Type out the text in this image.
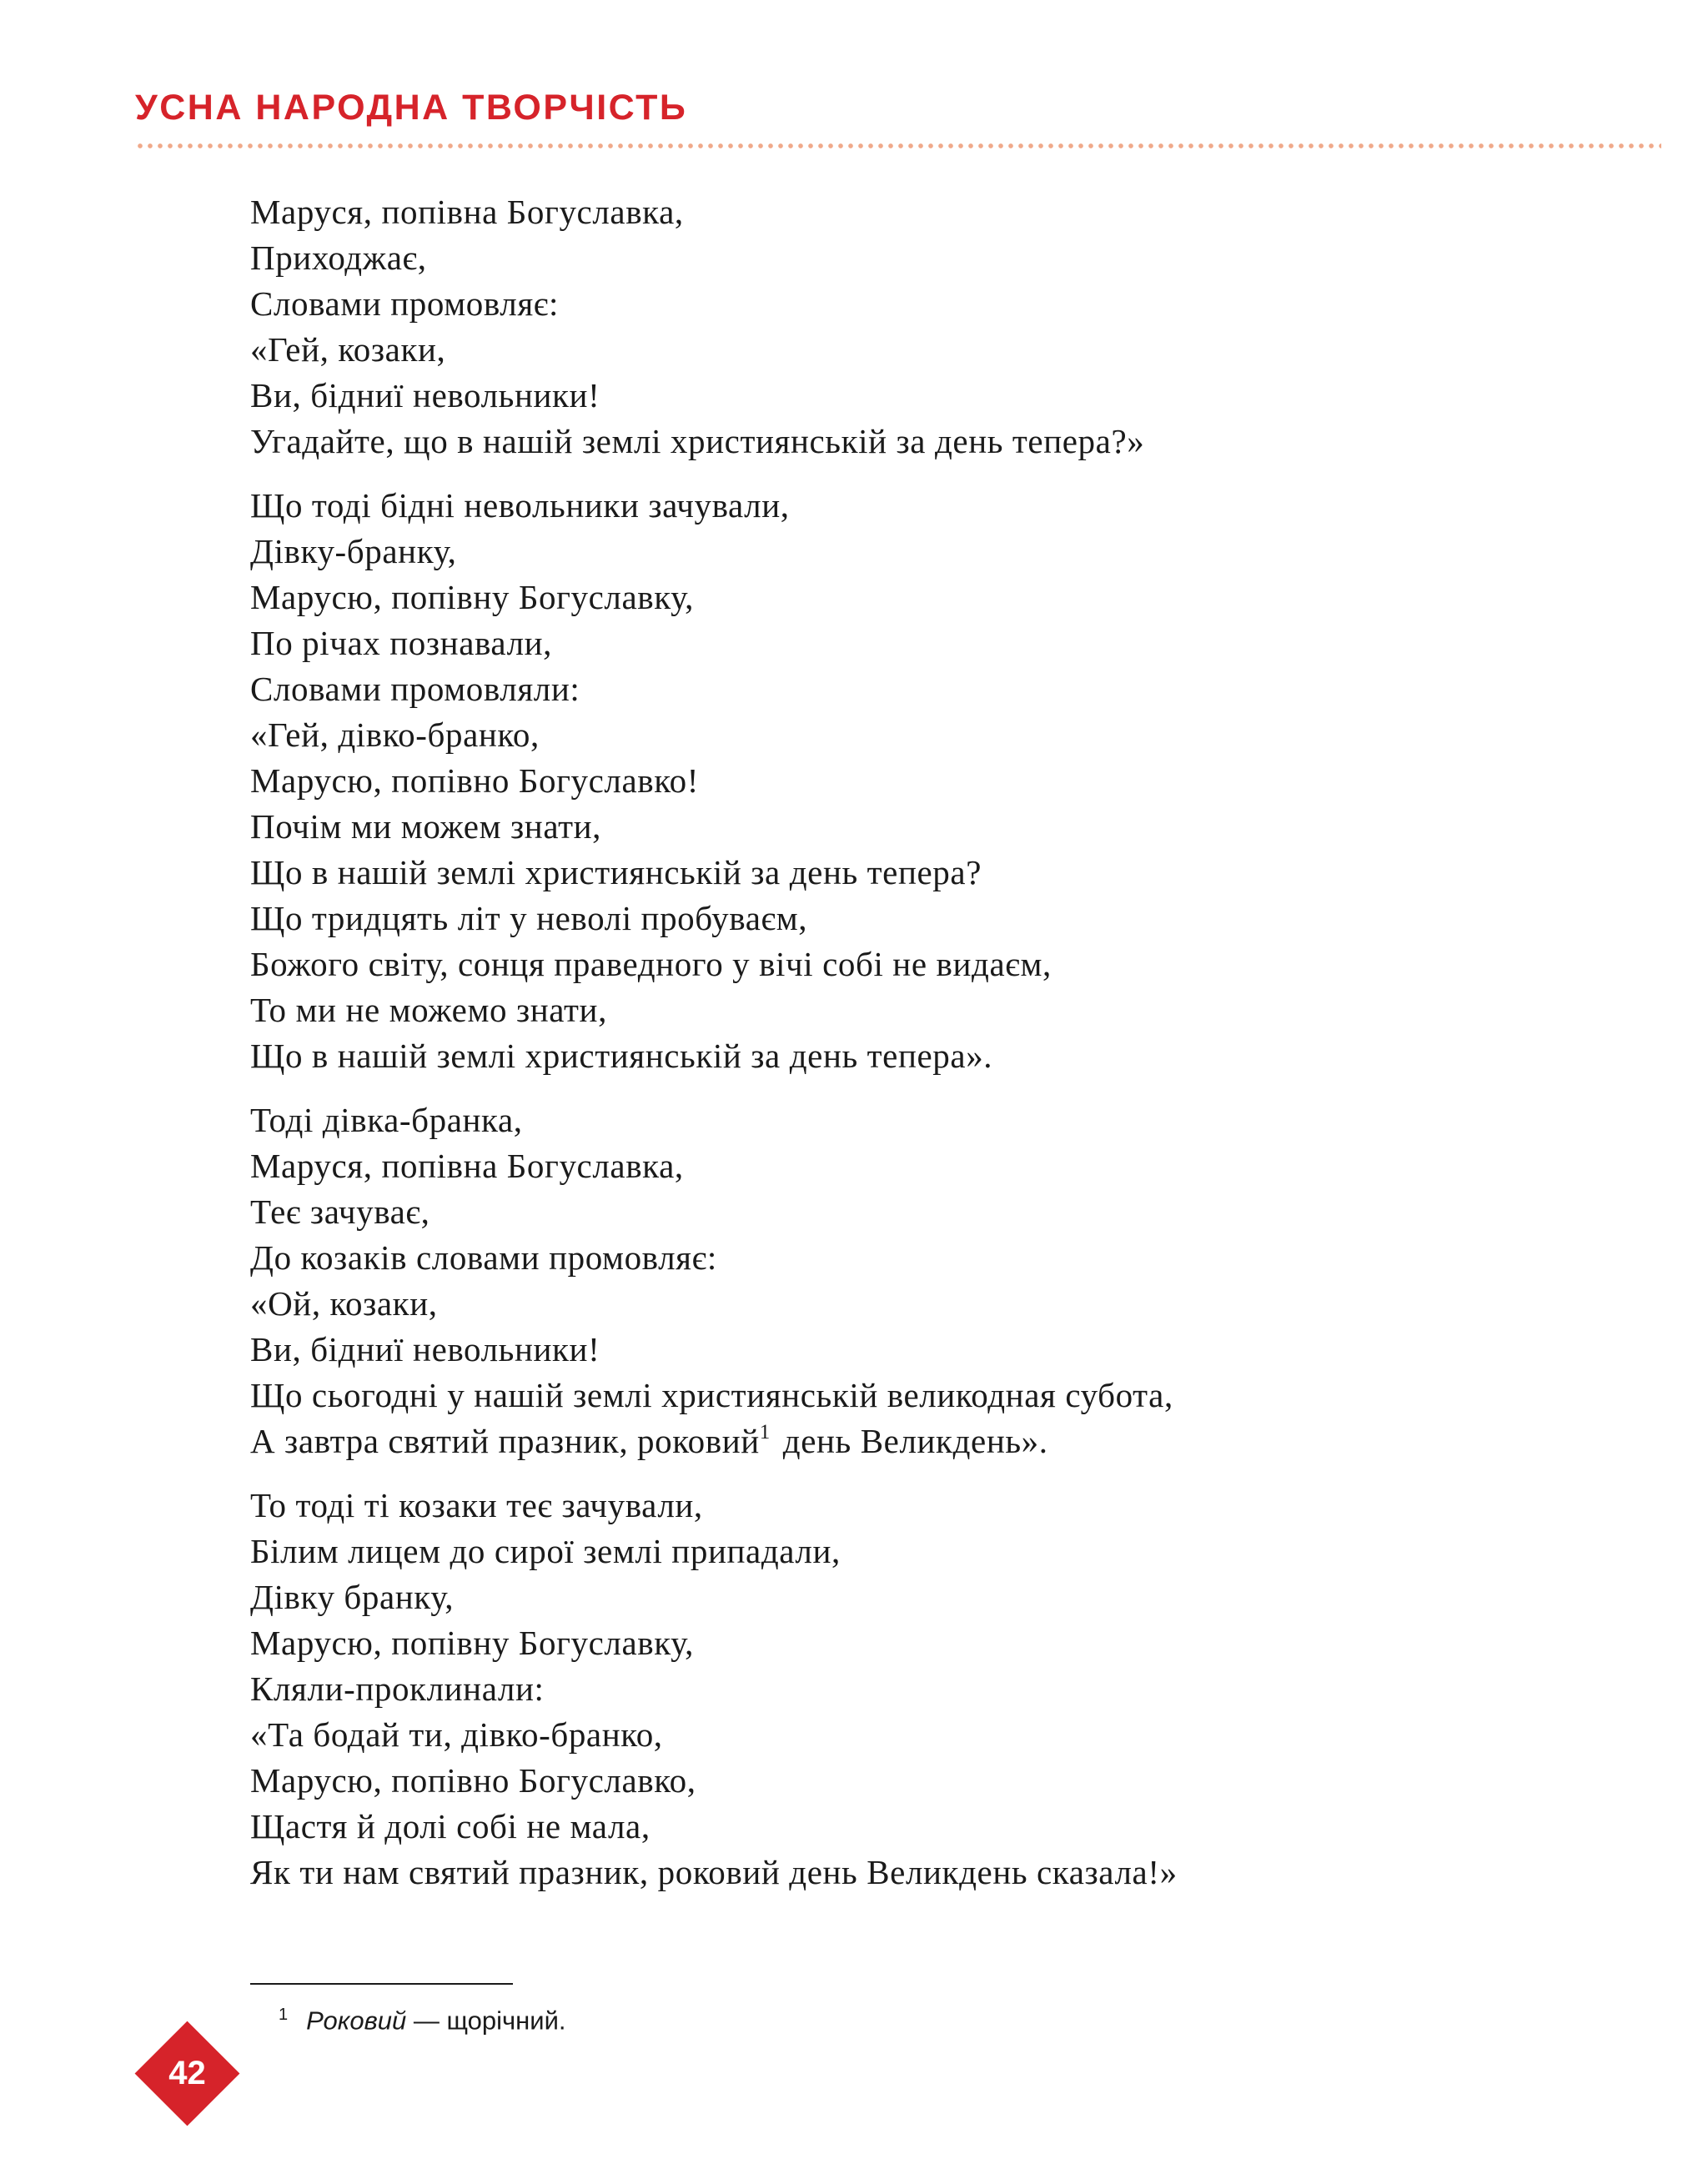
УСНА НАРОДНА ТВОРЧІСТЬ
Маруся, попівна Богуславка,
Приходжає,
Словами промовляє:
«Гей, козаки,
Ви, бідниї невольники!
Угадайте, що в нашій землі християнській за день тепера?»
Що тоді бідні невольники зачували,
Дівку-бранку,
Марусю, попівну Богуславку,
По річах познавали,
Словами промовляли:
«Гей, дівко-бранко,
Марусю, попівно Богуславко!
Почім ми можем знати,
Що в нашій землі християнській за день тепера?
Що тридцять літ у неволі пробуваєм,
Божого світу, сонця праведного у вічі собі не видаєм,
То ми не можемо знати,
Що в нашій землі християнській за день тепера».
Тоді дівка-бранка,
Маруся, попівна Богуславка,
Теє зачуває,
До козаків словами промовляє:
«Ой, козаки,
Ви, бідниї невольники!
Що сьогодні у нашій землі християнській великодная субота,
А завтра святий празник, роковий$^1$ день Великдень».
То тоді ті козаки теє зачували,
Білим лицем до сирої землі припадали,
Дівку бранку,
Марусю, попівну Богуславку,
Кляли-проклинали:
«Та бодай ти, дівко-бранко,
Марусю, попівно Богуславко,
Щастя й долі собі не мала,
Як ти нам святий празник, роковий день Великдень сказала!»
$^1$ Роковий — щорічний.
42
